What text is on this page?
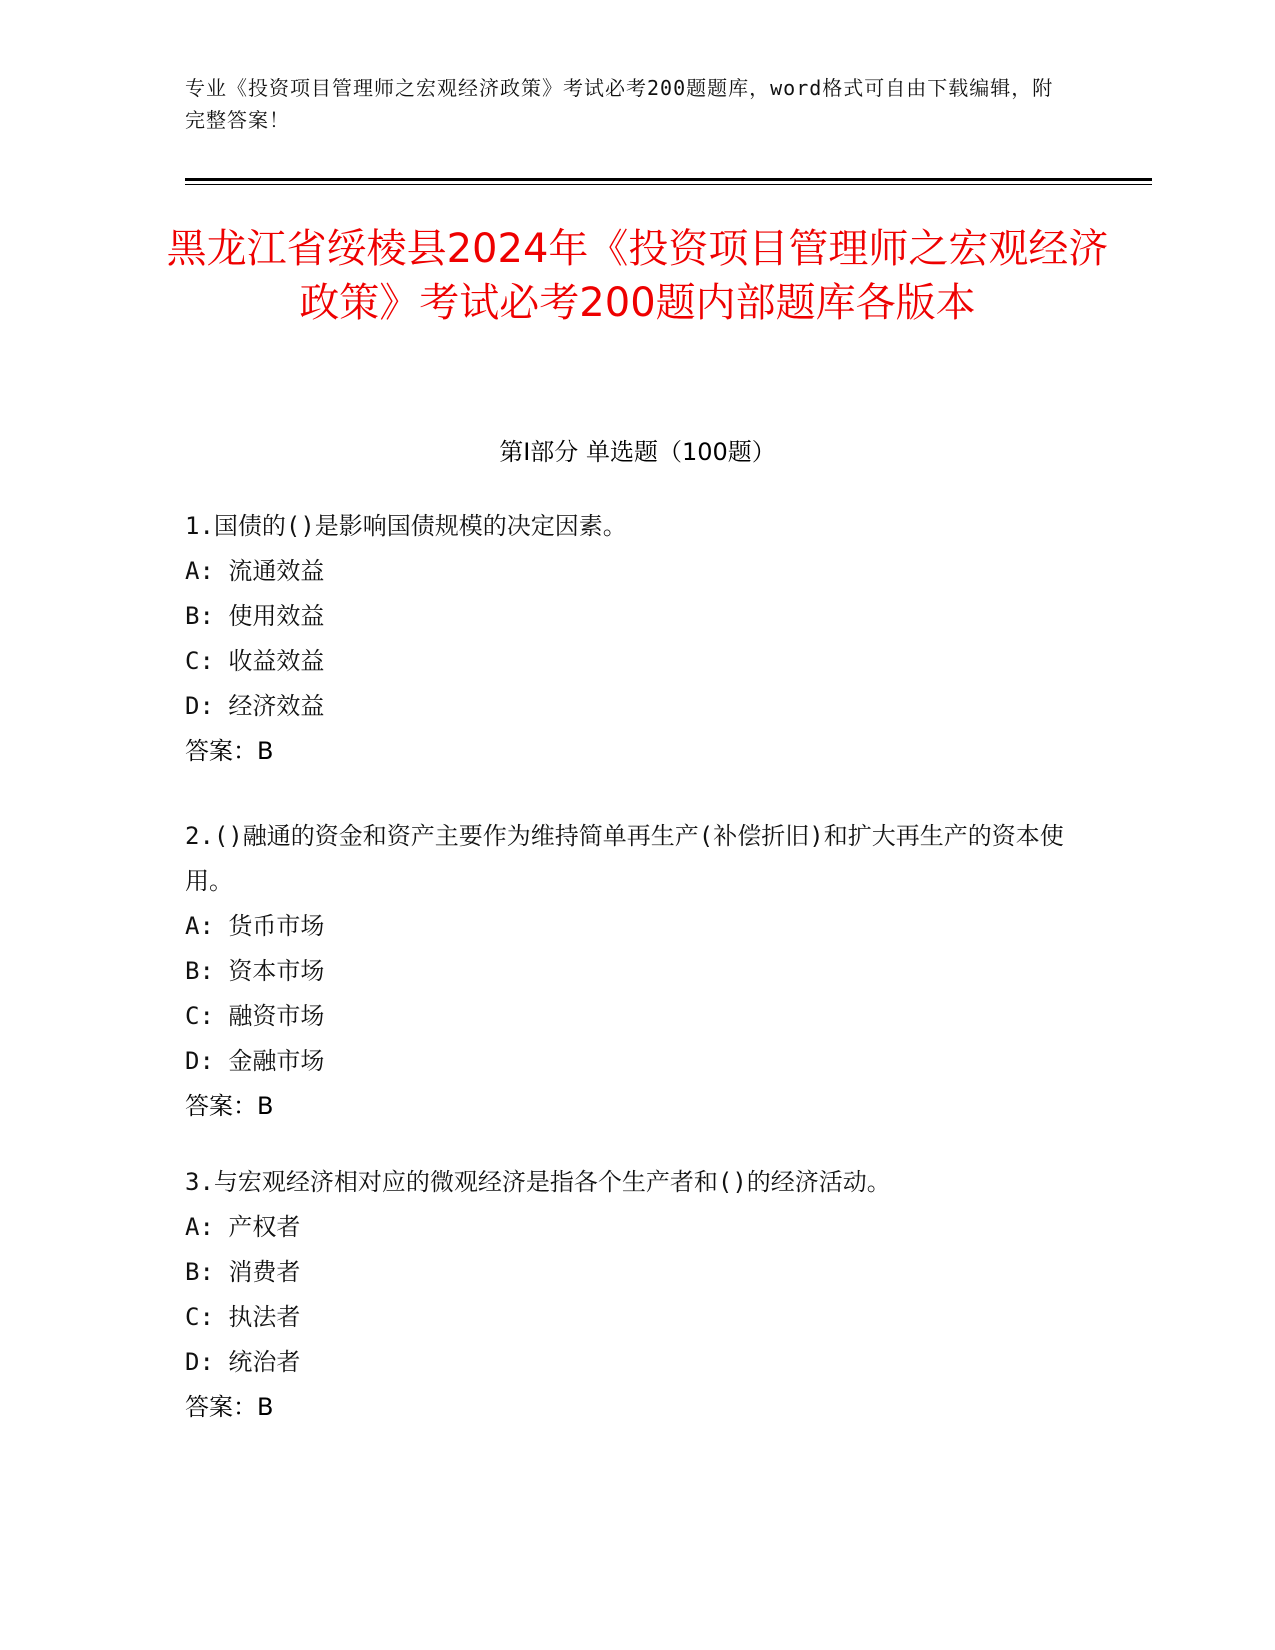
专业《投资项目管理师之宏观经济政策》考试必考200题题库，word格式可自由下载编辑，附完整答案！
黑龙江省绥棱县2024年《投资项目管理师之宏观经济政策》考试必考200题内部题库各版本
第I部分 单选题（100题）
1.国债的()是影响国债规模的决定因素。
A: 流通效益
B: 使用效益
C: 收益效益
D: 经济效益
答案：B
2.()融通的资金和资产主要作为维持简单再生产(补偿折旧)和扩大再生产的资本使用。
A: 货币市场
B: 资本市场
C: 融资市场
D: 金融市场
答案：B
3.与宏观经济相对应的微观经济是指各个生产者和()的经济活动。
A: 产权者
B: 消费者
C: 执法者
D: 统治者
答案：B
